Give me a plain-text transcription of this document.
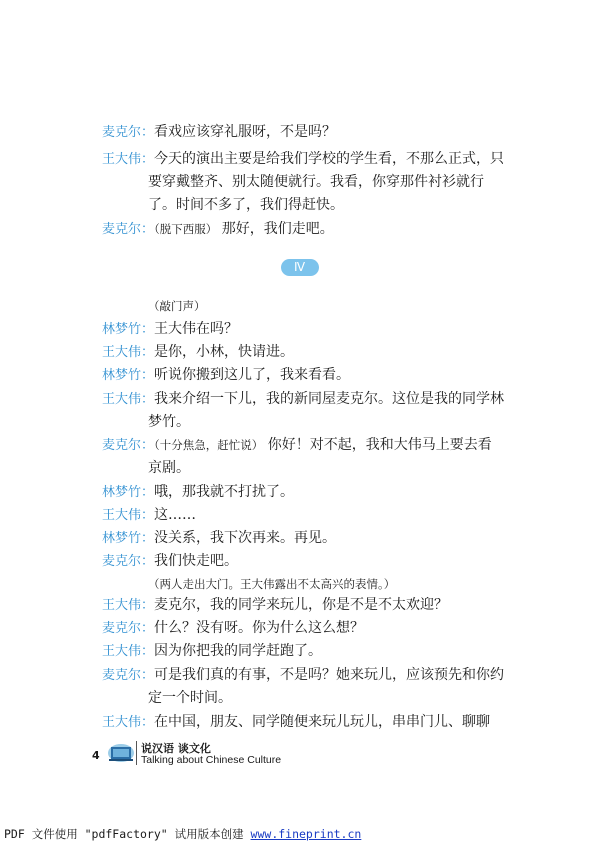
麦克尔：看戏应该穿礼服呀，不是吗？
王大伟：今天的演出主要是给我们学校的学生看，不那么正式，只
要穿戴整齐、别太随便就行。我看，你穿那件衬衫就行
了。时间不多了，我们得赶快。
麦克尔：（脱下西服） 那好，我们走吧。
Ⅳ
（敲门声）
林梦竹：王大伟在吗？
王大伟：是你，小林，快请进。
林梦竹：听说你搬到这儿了，我来看看。
王大伟：我来介绍一下儿，我的新同屋麦克尔。这位是我的同学林
梦竹。
麦克尔：（十分焦急，赶忙说） 你好！对不起，我和大伟马上要去看
京剧。
林梦竹：哦，那我就不打扰了。
王大伟：这……
林梦竹：没关系，我下次再来。再见。
麦克尔：我们快走吧。
（两人走出大门。王大伟露出不太高兴的表情。）
王大伟：麦克尔，我的同学来玩儿，你是不是不太欢迎？
麦克尔：什么？没有呀。你为什么这么想？
王大伟：因为你把我的同学赶跑了。
麦克尔：可是我们真的有事，不是吗？她来玩儿，应该预先和你约
定一个时间。
王大伟：在中国，朋友、同学随便来玩儿玩儿，串串门儿、聊聊
4
说汉语 谈文化
Talking about Chinese Culture
PDF 文件使用 "pdfFactory" 试用版本创建 www.fineprint.cn
